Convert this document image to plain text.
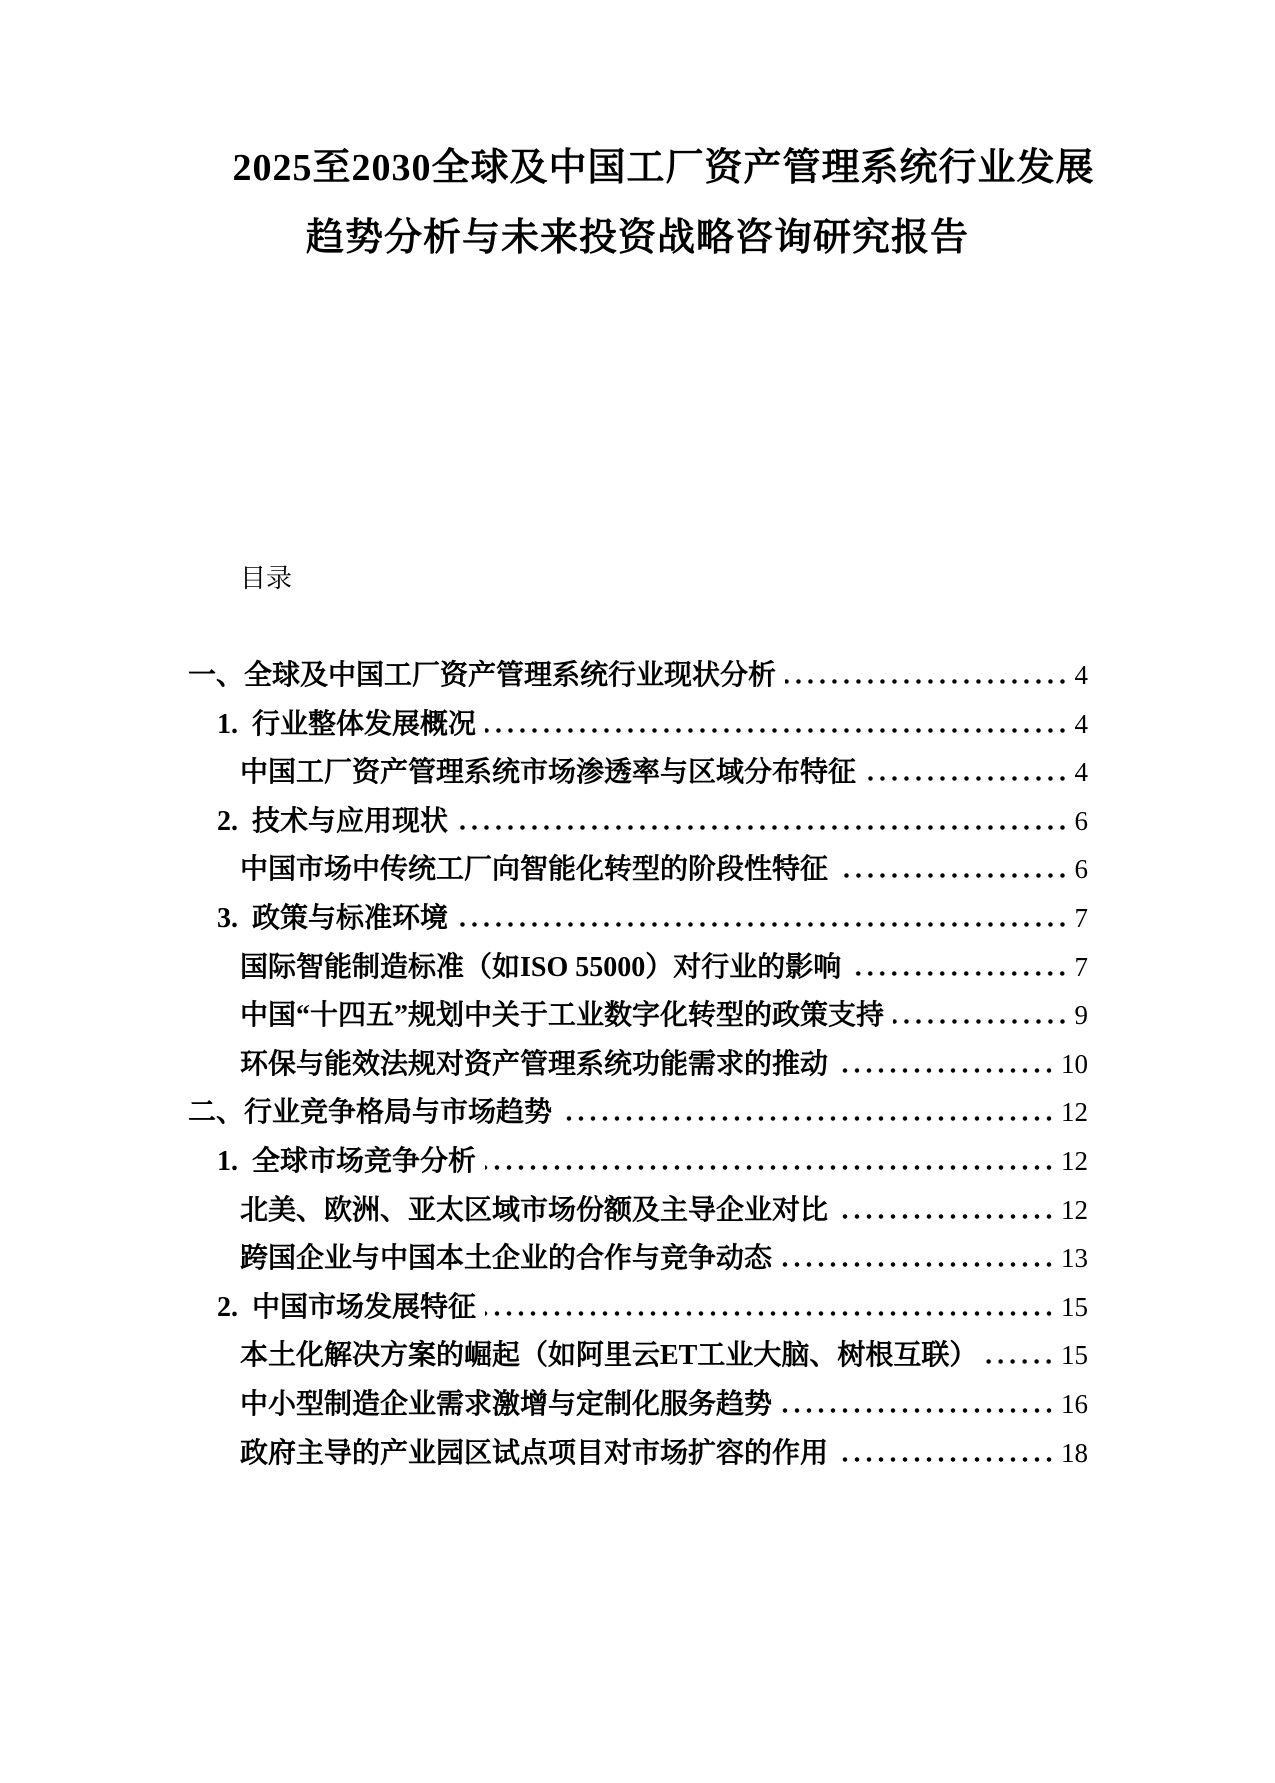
2025至2030全球及中国工厂资产管理系统行业发展
趋势分析与未来投资战略咨询研究报告
目录
一、 全球及中国工厂资产管理系统行业现状分析	4
1. 行业整体发展概况	4
中国工厂资产管理系统市场渗透率与区域分布特征	4
2. 技术与应用现状	6
中国市场中传统工厂向智能化转型的阶段性特征	6
3. 政策与标准环境	7
国际智能制造标准（如ISO 55000）对行业的影响	7
中国“十四五”规划中关于工业数字化转型的政策支持	9
环保与能效法规对资产管理系统功能需求的推动	10
二、 行业竞争格局与市场趋势	12
1. 全球市场竞争分析	12
北美、欧洲、亚太区域市场份额及主导企业对比	12
跨国企业与中国本土企业的合作与竞争动态	13
2. 中国市场发展特征	15
本土化解决方案的崛起（如阿里云ET工业大脑、树根互联）	15
中小型制造企业需求激增与定制化服务趋势	16
政府主导的产业园区试点项目对市场扩容的作用	18
